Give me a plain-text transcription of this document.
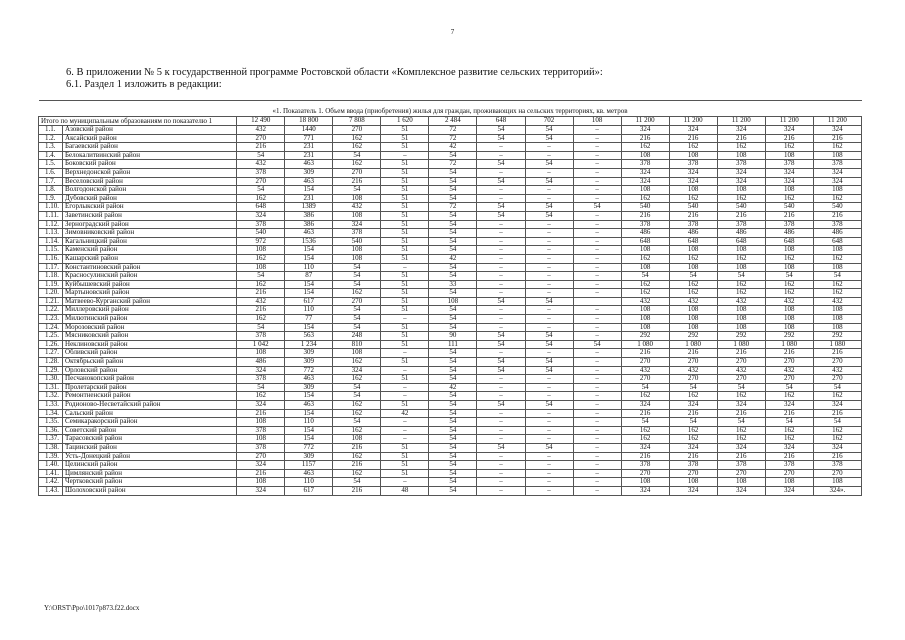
7
6. В приложении № 5 к государственной программе Ростовской области «Комплексное развитие сельских территорий»:
6.1. Раздел 1 изложить в редакции:

«1. Показатель 1. Объем ввода (приобретения) жилья для граждан, проживающих на сельских территориях, кв. метров														
Итого по муниципальным образованиям по показателю 1		12 490	18 800	7 808	1 620	2 484	648	702	108	11 200	11 200	11 200	11 200	11 200
1.1.	Азовский район	432	1440	270	51	72	54	54	–	324	324	324	324	324
1.2.	Аксайский район	270	771	162	51	72	54	54	–	216	216	216	216	216
1.3.	Багаевский район	216	231	162	51	42	–	–	–	162	162	162	162	162
1.4.	Белокалитвинский район	54	231	54	–	54	–	–	–	108	108	108	108	108
1.5.	Боковский район	432	463	162	51	72	54	54	–	378	378	378	378	378
1.6.	Верхнедонской район	378	309	270	51	54	–	–	–	324	324	324	324	324
1.7.	Веселовский район	270	463	216	51	54	54	54	–	324	324	324	324	324
1.8.	Волгодонской район	54	154	54	51	54	–	–	–	108	108	108	108	108
1.9.	Дубовский район	162	231	108	51	54	–	–	–	162	162	162	162	162
1.10.	Егорлыкский район	648	1389	432	51	72	54	54	54	540	540	540	540	540
1.11.	Заветинский район	324	386	108	51	54	54	54	–	216	216	216	216	216
1.12.	Зерноградский район	378	386	324	51	54	–	–	–	378	378	378	378	378
1.13.	Зимовниковский район	540	463	378	51	54	–	–	–	486	486	486	486	486
1.14.	Кагальницкий район	972	1536	540	51	54	–	–	–	648	648	648	648	648
1.15.	Каменский район	108	154	108	51	54	–	–	–	108	108	108	108	108
1.16.	Кашарский район	162	154	108	51	42	–	–	–	162	162	162	162	162
1.17.	Константиновский район	108	110	54	–	54	–	–	–	108	108	108	108	108
1.18.	Красносулинский район	54	87	54	51	54	–	–	–	54	54	54	54	54
1.19.	Куйбышевский район	162	154	54	51	33	–	–	–	162	162	162	162	162
1.20.	Мартыновский район	216	154	162	51	54	–	–	–	162	162	162	162	162
1.21.	Матвеево-Курганский район	432	617	270	51	108	54	54		432	432	432	432	432
1.22.	Миллеровский район	216	110	54	51	54	–	–	–	108	108	108	108	108
1.23.	Милютинский район	162	77	54	–	54	–	–	–	108	108	108	108	108
1.24.	Морозовский район	54	154	54	51	54	–	–	–	108	108	108	108	108
1.25.	Мясниковский район	378	563	248	51	90	54	54	–	292	292	292	292	292
1.26.	Неклиновский район	1 042	1 234	810	51	111	54	54	54	1 080	1 080	1 080	1 080	1 080
1.27.	Обливский район	108	309	108	–	54	–	–	–	216	216	216	216	216
1.28.	Октябрьский район	486	309	162	51	54	54	54	–	270	270	270	270	270
1.29.	Орловский район	324	772	324	–	54	54	54	–	432	432	432	432	432
1.30.	Песчанокопский район	378	463	162	51	54	–	–	–	270	270	270	270	270
1.31.	Пролетарский район	54	309	54	–	42	–	–	–	54	54	54	54	54
1.32.	Ремонтненский район	162	154	54	–	54	–	–	–	162	162	162	162	162
1.33.	Родионово-Несветайский район	324	463	162	51	54	54	54	–	324	324	324	324	324
1.34.	Сальский район	216	154	162	42	54	–	–	–	216	216	216	216	216
1.35.	Семикаракорский район	108	110	54	–	54	–	–	–	54	54	54	54	54
1.36.	Советский район	378	154	162	–	54	–	–	–	162	162	162	162	162
1.37.	Тарасовский район	108	154	108	–	54	–	–	–	162	162	162	162	162
1.38.	Тацинский район	378	772	216	51	54	54	54	–	324	324	324	324	324
1.39.	Усть-Донецкий район	270	309	162	51	54	–	–	–	216	216	216	216	216
1.40.	Целинский район	324	1157	216	51	54	–	–	–	378	378	378	378	378
1.41.	Цимлянский район	216	463	162	51	54	–	–	–	270	270	270	270	270
1.42.	Чертковский район	108	110	54	–	54	–	–	–	108	108	108	108	108
1.43.	Шолоховский район	324	617	216	48	54	–	–	–	324	324	324	324	324».
Y:\ORST\Ppo\1017p873.f22.docx
